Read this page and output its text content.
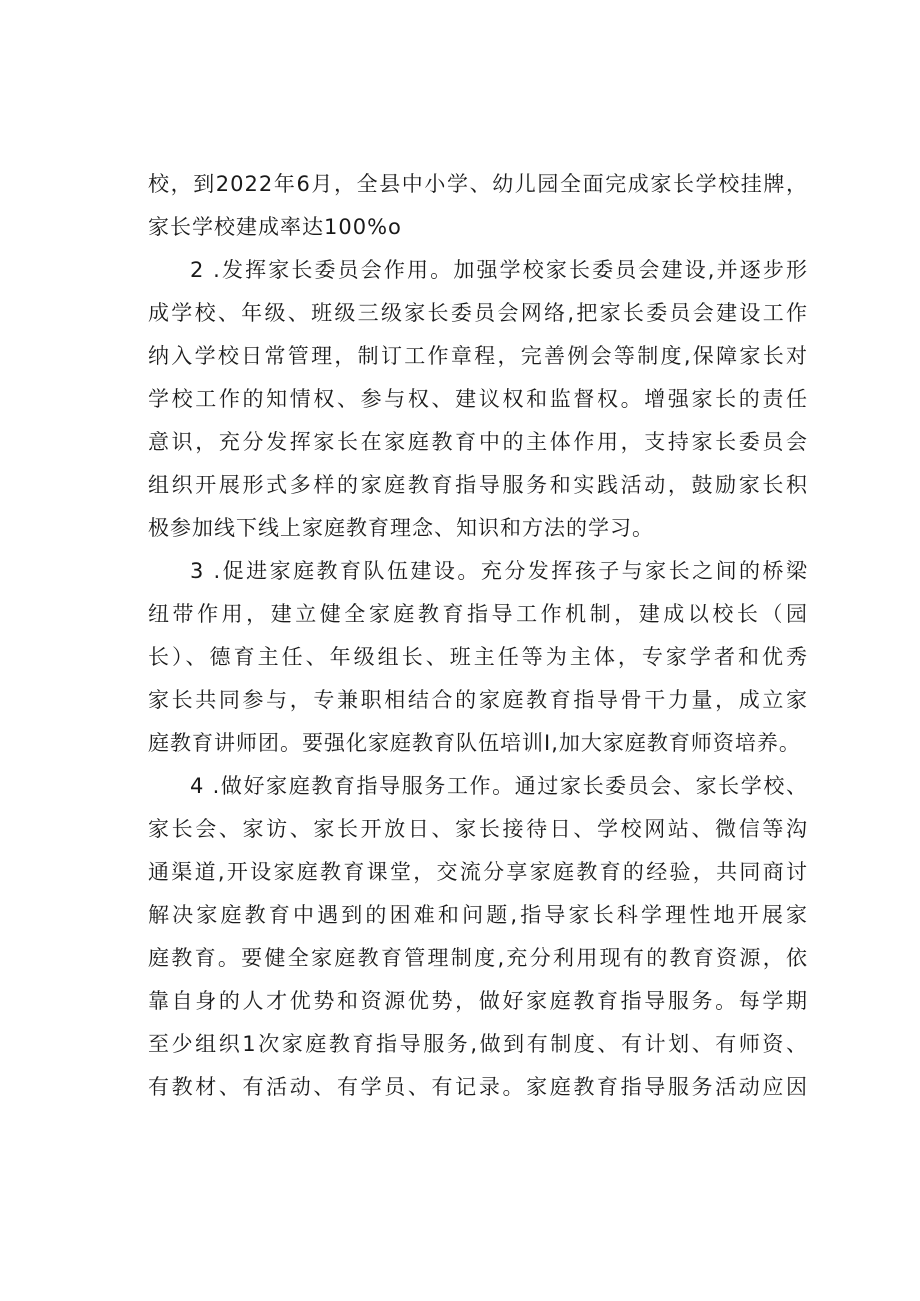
校，到2022年6月，全县中小学、幼儿园全面完成家长学校挂牌，
家长学校建成率达100%o
2 .发挥家长委员会作用。加强学校家长委员会建设,并逐步形
成学校、年级、班级三级家长委员会网络,把家长委员会建设工作
纳入学校日常管理，制订工作章程，完善例会等制度,保障家长对
学校工作的知情权、参与权、建议权和监督权。增强家长的责任
意识，充分发挥家长在家庭教育中的主体作用，支持家长委员会
组织开展形式多样的家庭教育指导服务和实践活动，鼓励家长积
极参加线下线上家庭教育理念、知识和方法的学习。
3 .促进家庭教育队伍建设。充分发挥孩子与家长之间的桥梁
纽带作用，建立健全家庭教育指导工作机制，建成以校长（园
长）、德育主任、年级组长、班主任等为主体，专家学者和优秀
家长共同参与，专兼职相结合的家庭教育指导骨干力量，成立家
庭教育讲师团。要强化家庭教育队伍培训I,加大家庭教育师资培养。
4 .做好家庭教育指导服务工作。通过家长委员会、家长学校、
家长会、家访、家长开放日、家长接待日、学校网站、微信等沟
通渠道,开设家庭教育课堂，交流分享家庭教育的经验，共同商讨
解决家庭教育中遇到的困难和问题,指导家长科学理性地开展家
庭教育。要健全家庭教育管理制度,充分利用现有的教育资源，依
靠自身的人才优势和资源优势，做好家庭教育指导服务。每学期
至少组织1次家庭教育指导服务,做到有制度、有计划、有师资、
有教材、有活动、有学员、有记录。家庭教育指导服务活动应因
